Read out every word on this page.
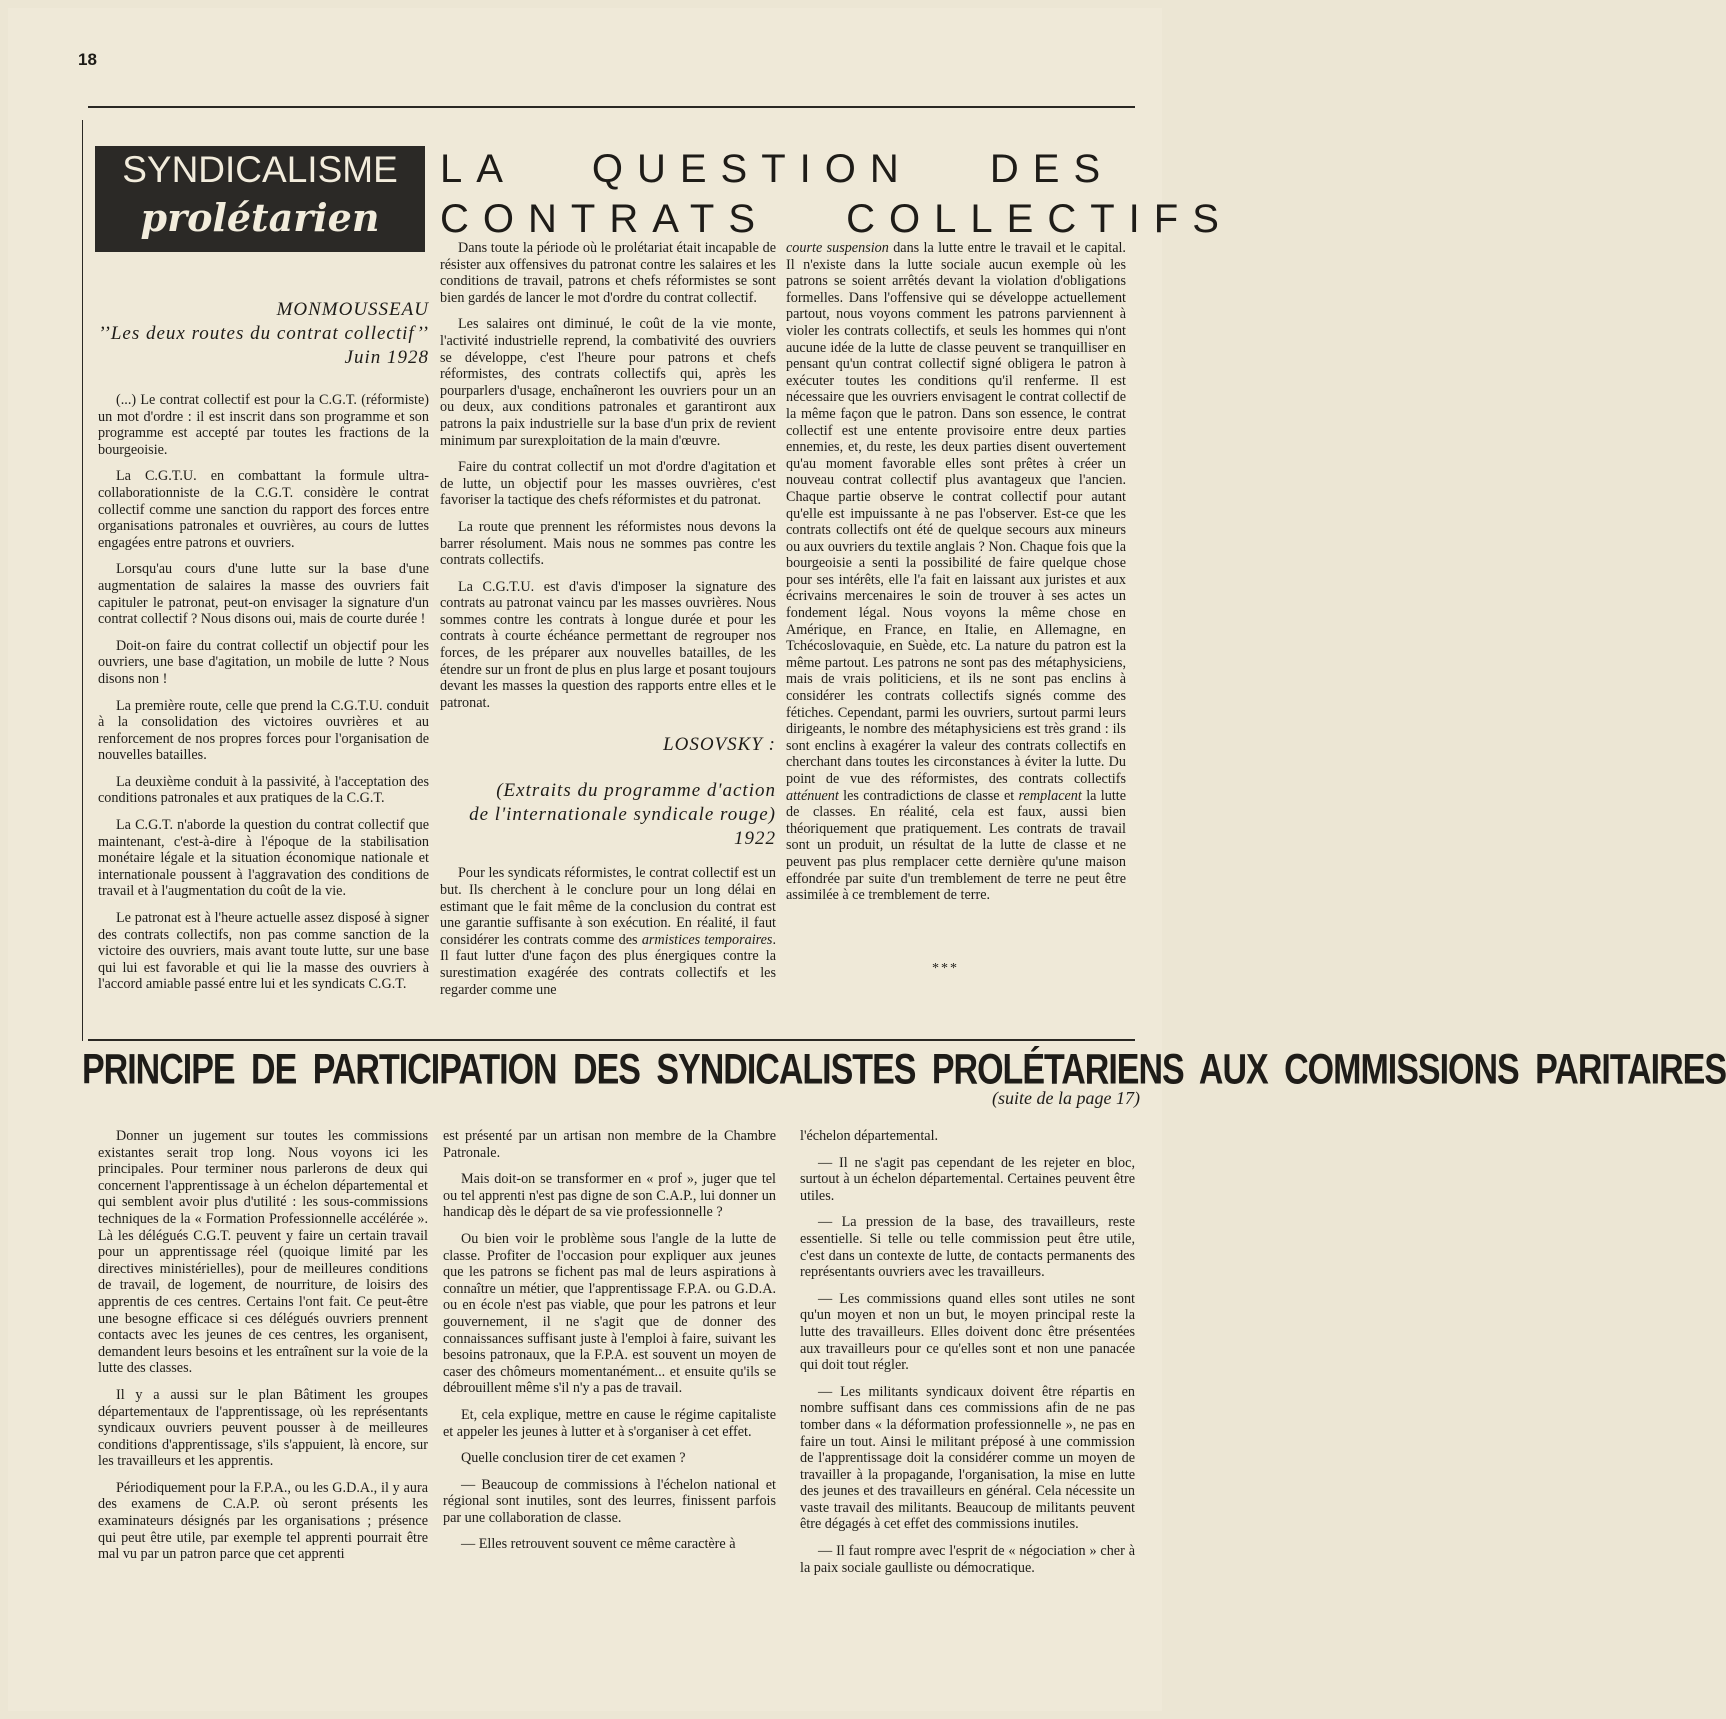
18
SYNDICALISME
prolétarien
LA QUESTION DES
CONTRATS COLLECTIFS
MONMOUSSEAU
’’Les deux routes du contrat collectif’’
Juin 1928

(...) Le contrat collectif est pour la C.G.T. (réformiste) un mot d'ordre : il est inscrit dans son programme et son programme est accepté par toutes les fractions de la bourgeoisie.

La C.G.T.U. en combattant la formule ultra-collaborationniste de la C.G.T. considère le contrat collectif comme une sanction du rapport des forces entre organisations patronales et ouvrières, au cours de luttes engagées entre patrons et ouvriers.

Lorsqu'au cours d'une lutte sur la base d'une augmentation de salaires la masse des ouvriers fait capituler le patronat, peut-on envisager la signature d'un contrat collectif ? Nous disons oui, mais de courte durée !

Doit-on faire du contrat collectif un objectif pour les ouvriers, une base d'agitation, un mobile de lutte ? Nous disons non !

La première route, celle que prend la C.G.T.U. conduit à la consolidation des victoires ouvrières et au renforcement de nos propres forces pour l'organisation de nouvelles batailles.

La deuxième conduit à la passivité, à l'acceptation des conditions patronales et aux pratiques de la C.G.T.

La C.G.T. n'aborde la question du contrat collectif que maintenant, c'est-à-dire à l'époque de la stabilisation monétaire légale et la situation économique nationale et internationale poussent à l'aggravation des conditions de travail et à l'augmentation du coût de la vie.

Le patronat est à l'heure actuelle assez disposé à signer des contrats collectifs, non pas comme sanction de la victoire des ouvriers, mais avant toute lutte, sur une base qui lui est favorable et qui lie la masse des ouvriers à l'accord amiable passé entre lui et les syndicats C.G.T.

Dans toute la période où le prolétariat était incapable de résister aux offensives du patronat contre les salaires et les conditions de travail, patrons et chefs réformistes se sont bien gardés de lancer le mot d'ordre du contrat collectif.

Les salaires ont diminué, le coût de la vie monte, l'activité industrielle reprend, la combativité des ouvriers se développe, c'est l'heure pour patrons et chefs réformistes, des contrats collectifs qui, après les pourparlers d'usage, enchaîneront les ouvriers pour un an ou deux, aux conditions patronales et garantiront aux patrons la paix industrielle sur la base d'un prix de revient minimum par surexploitation de la main d'œuvre.

Faire du contrat collectif un mot d'ordre d'agitation et de lutte, un objectif pour les masses ouvrières, c'est favoriser la tactique des chefs réformistes et du patronat.

La route que prennent les réformistes nous devons la barrer résolument. Mais nous ne sommes pas contre les contrats collectifs.

La C.G.T.U. est d'avis d'imposer la signature des contrats au patronat vaincu par les masses ouvrières. Nous sommes contre les contrats à longue durée et pour les contrats à courte échéance permettant de regrouper nos forces, de les préparer aux nouvelles batailles, de les étendre sur un front de plus en plus large et posant toujours devant les masses la question des rapports entre elles et le patronat.

LOSOVSKY :
(Extraits du programme d'action
de l'internationale syndicale rouge)
1922

Pour les syndicats réformistes, le contrat collectif est un but. Ils cherchent à le conclure pour un long délai en estimant que le fait même de la conclusion du contrat est une garantie suffisante à son exécution. En réalité, il faut considérer les contrats comme des armistices temporaires. Il faut lutter d'une façon des plus énergiques contre la surestimation exagérée des contrats collectifs et les regarder comme une

courte suspension dans la lutte entre le travail et le capital. Il n'existe dans la lutte sociale aucun exemple où les patrons se soient arrêtés devant la violation d'obligations formelles. Dans l'offensive qui se développe actuellement partout, nous voyons comment les patrons parviennent à violer les contrats collectifs, et seuls les hommes qui n'ont aucune idée de la lutte de classe peuvent se tranquilliser en pensant qu'un contrat collectif signé obligera le patron à exécuter toutes les conditions qu'il renferme. Il est nécessaire que les ouvriers envisagent le contrat collectif de la même façon que le patron. Dans son essence, le contrat collectif est une entente provisoire entre deux parties ennemies, et, du reste, les deux parties disent ouvertement qu'au moment favorable elles sont prêtes à créer un nouveau contrat collectif plus avantageux que l'ancien. Chaque partie observe le contrat collectif pour autant qu'elle est impuissante à ne pas l'observer. Est-ce que les contrats collectifs ont été de quelque secours aux mineurs ou aux ouvriers du textile anglais ? Non. Chaque fois que la bourgeoisie a senti la possibilité de faire quelque chose pour ses intérêts, elle l'a fait en laissant aux juristes et aux écrivains mercenaires le soin de trouver à ses actes un fondement légal. Nous voyons la même chose en Amérique, en France, en Italie, en Allemagne, en Tchécoslovaquie, en Suède, etc. La nature du patron est la même partout. Les patrons ne sont pas des métaphysiciens, mais de vrais politiciens, et ils ne sont pas enclins à considérer les contrats collectifs signés comme des fétiches. Cependant, parmi les ouvriers, surtout parmi leurs dirigeants, le nombre des métaphysiciens est très grand : ils sont enclins à exagérer la valeur des contrats collectifs en cherchant dans toutes les circonstances à éviter la lutte. Du point de vue des réformistes, des contrats collectifs atténuent les contradictions de classe et remplacent la lutte de classes. En réalité, cela est faux, aussi bien théoriquement que pratiquement. Les contrats de travail sont un produit, un résultat de la lutte de classe et ne peuvent pas plus remplacer cette dernière qu'une maison effondrée par suite d'un tremblement de terre ne peut être assimilée à ce tremblement de terre.

***
PRINCIPE DE PARTICIPATION DES SYNDICALISTES PROLÉTARIENS AUX COMMISSIONS PARITAIRES
(suite de la page 17)

Donner un jugement sur toutes les commissions existantes serait trop long. Nous voyons ici les principales. Pour terminer nous parlerons de deux qui concernent l'apprentissage à un échelon départemental et qui semblent avoir plus d'utilité : les sous-commissions techniques de la « Formation Professionnelle accélérée ». Là les délégués C.G.T. peuvent y faire un certain travail pour un apprentissage réel (quoique limité par les directives ministérielles), pour de meilleures conditions de travail, de logement, de nourriture, de loisirs des apprentis de ces centres. Certains l'ont fait. Ce peut-être une besogne efficace si ces délégués ouvriers prennent contacts avec les jeunes de ces centres, les organisent, demandent leurs besoins et les entraînent sur la voie de la lutte des classes.

Il y a aussi sur le plan Bâtiment les groupes départementaux de l'apprentissage, où les représentants syndicaux ouvriers peuvent pousser à de meilleures conditions d'apprentissage, s'ils s'appuient, là encore, sur les travailleurs et les apprentis.

Périodiquement pour la F.P.A., ou les G.D.A., il y aura des examens de C.A.P. où seront présents les examinateurs désignés par les organisations ; présence qui peut être utile, par exemple tel apprenti pourrait être mal vu par un patron parce que cet apprenti

est présenté par un artisan non membre de la Chambre Patronale.

Mais doit-on se transformer en « prof », juger que tel ou tel apprenti n'est pas digne de son C.A.P., lui donner un handicap dès le départ de sa vie professionnelle ?

Ou bien voir le problème sous l'angle de la lutte de classe. Profiter de l'occasion pour expliquer aux jeunes que les patrons se fichent pas mal de leurs aspirations à connaître un métier, que l'apprentissage F.P.A. ou G.D.A. ou en école n'est pas viable, que pour les patrons et leur gouvernement, il ne s'agit que de donner des connaissances suffisant juste à l'emploi à faire, suivant les besoins patronaux, que la F.P.A. est souvent un moyen de caser des chômeurs momentanément... et ensuite qu'ils se débrouillent même s'il n'y a pas de travail.

Et, cela explique, mettre en cause le régime capitaliste et appeler les jeunes à lutter et à s'organiser à cet effet.

Quelle conclusion tirer de cet examen ?

— Beaucoup de commissions à l'échelon national et régional sont inutiles, sont des leurres, finissent parfois par une collaboration de classe.

— Elles retrouvent souvent ce même caractère à

l'échelon départemental.

— Il ne s'agit pas cependant de les rejeter en bloc, surtout à un échelon départemental. Certaines peuvent être utiles.

— La pression de la base, des travailleurs, reste essentielle. Si telle ou telle commission peut être utile, c'est dans un contexte de lutte, de contacts permanents des représentants ouvriers avec les travailleurs.

— Les commissions quand elles sont utiles ne sont qu'un moyen et non un but, le moyen principal reste la lutte des travailleurs. Elles doivent donc être présentées aux travailleurs pour ce qu'elles sont et non une panacée qui doit tout régler.

— Les militants syndicaux doivent être répartis en nombre suffisant dans ces commissions afin de ne pas tomber dans « la déformation professionnelle », ne pas en faire un tout. Ainsi le militant préposé à une commission de l'apprentissage doit la considérer comme un moyen de travailler à la propagande, l'organisation, la mise en lutte des jeunes et des travailleurs en général. Cela nécessite un vaste travail des militants. Beaucoup de militants peuvent être dégagés à cet effet des commissions inutiles.

— Il faut rompre avec l'esprit de « négociation » cher à la paix sociale gaulliste ou démocratique.
